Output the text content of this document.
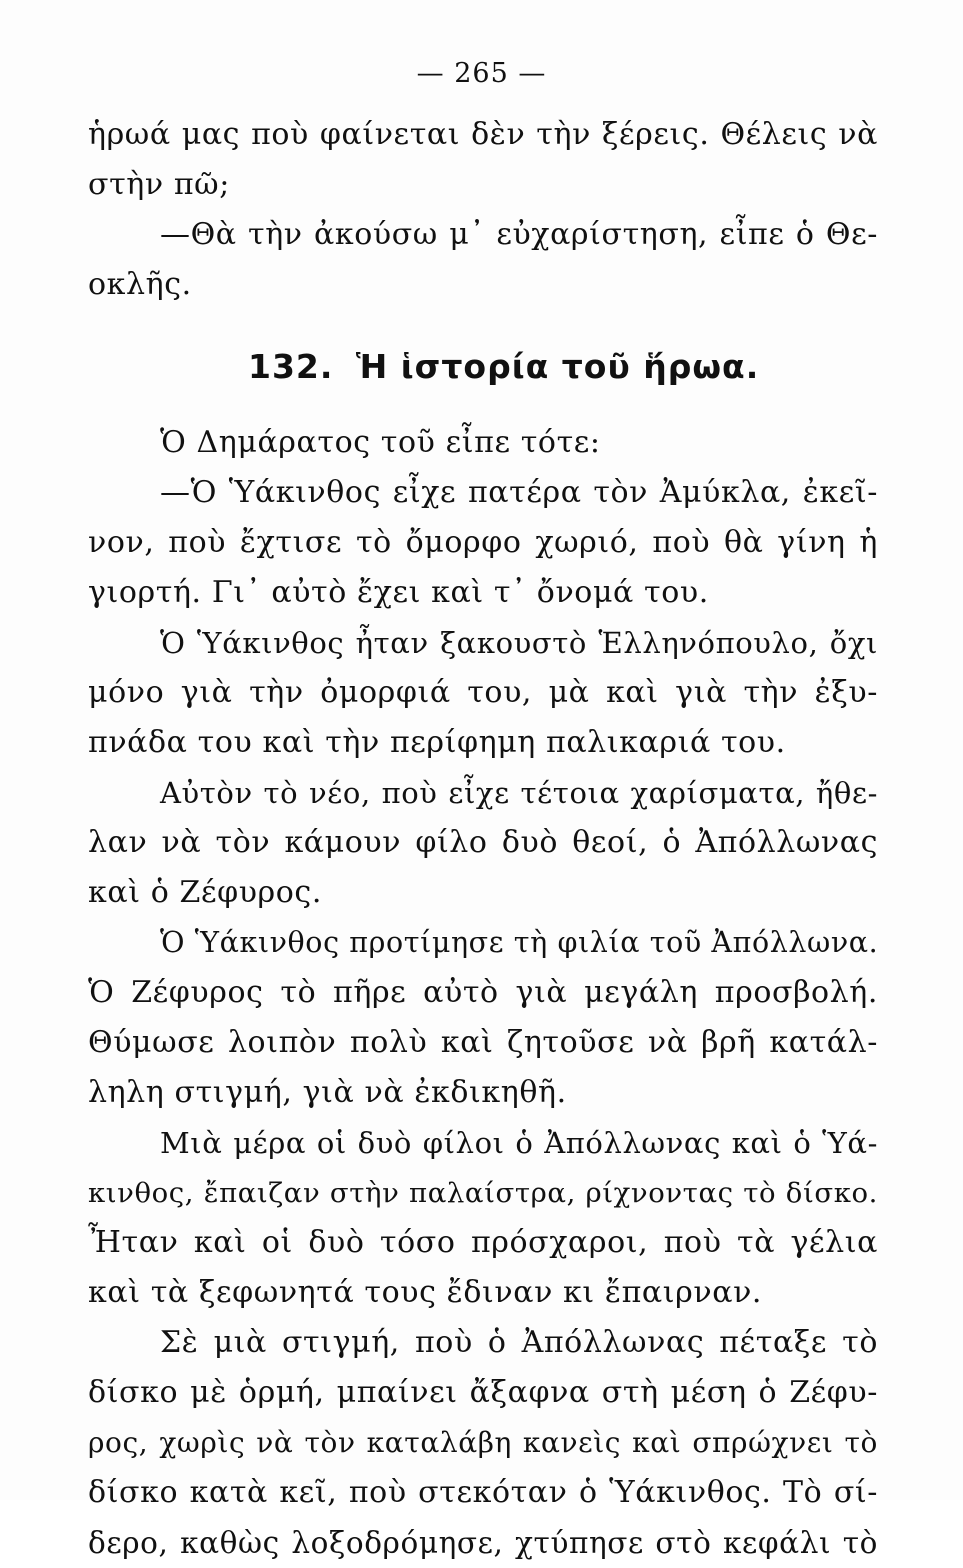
— 265 —
ἡρωά μας ποὺ φαίνεται δὲν τὴν ξέρεις. Θέλεις νὰ
στὴν πῶ;
—Θὰ τὴν ἀκούσω μ᾽ εὐχαρίστηση, εἶπε ὁ Θε-
οκλῆς.
132. Ἡ ἱστορία τοῦ ἥρωα.
Ὁ Δημάρατος τοῦ εἶπε τότε:
—Ὁ Ὑάκινθος εἶχε πατέρα τὸν Ἀμύκλα, ἐκεῖ-
νον, ποὺ ἔχτισε τὸ ὄμορφο χωριό, ποὺ θὰ γίνη ἡ
γιορτή. Γι᾽ αὐτὸ ἔχει καὶ τ᾽ ὄνομά του.
Ὁ Ὑάκινθος ἦταν ξακουστὸ Ἑλληνόπουλο, ὄχι
μόνο γιὰ τὴν ὀμορφιά του, μὰ καὶ γιὰ τὴν ἐξυ-
πνάδα του καὶ τὴν περίφημη παλικαριά του.
Αὐτὸν τὸ νέο, ποὺ εἶχε τέτοια χαρίσματα, ἤθε-
λαν νὰ τὸν κάμουν φίλο δυὸ θεοί, ὁ Ἀπόλλωνας
καὶ ὁ Ζέφυρος.
Ὁ Ὑάκινθος προτίμησε τὴ φιλία τοῦ Ἀπόλλωνα.
Ὁ Ζέφυρος τὸ πῆρε αὐτὸ γιὰ μεγάλη προσβολή.
Θύμωσε λοιπὸν πολὺ καὶ ζητοῦσε νὰ βρῆ κατάλ-
ληλη στιγμή, γιὰ νὰ ἐκδικηθῆ.
Μιὰ μέρα οἱ δυὸ φίλοι ὁ Ἀπόλλωνας καὶ ὁ Ὑά-
κινθος, ἔπαιζαν στὴν παλαίστρα, ρίχνοντας τὸ δίσκο.
Ἦταν καὶ οἱ δυὸ τόσο πρόσχαροι, ποὺ τὰ γέλια
καὶ τὰ ξεφωνητά τους ἔδιναν κι ἔπαιρναν.
Σὲ μιὰ στιγμή, ποὺ ὁ Ἀπόλλωνας πέταξε τὸ
δίσκο μὲ ὁρμή, μπαίνει ἄξαφνα στὴ μέση ὁ Ζέφυ-
ρος, χωρὶς νὰ τὸν καταλάβη κανεὶς καὶ σπρώχνει τὸ
δίσκο κατὰ κεῖ, ποὺ στεκόταν ὁ Ὑάκινθος. Τὸ σί-
δερο, καθὼς λοξοδρόμησε, χτύπησε στὸ κεφάλι τὸ
